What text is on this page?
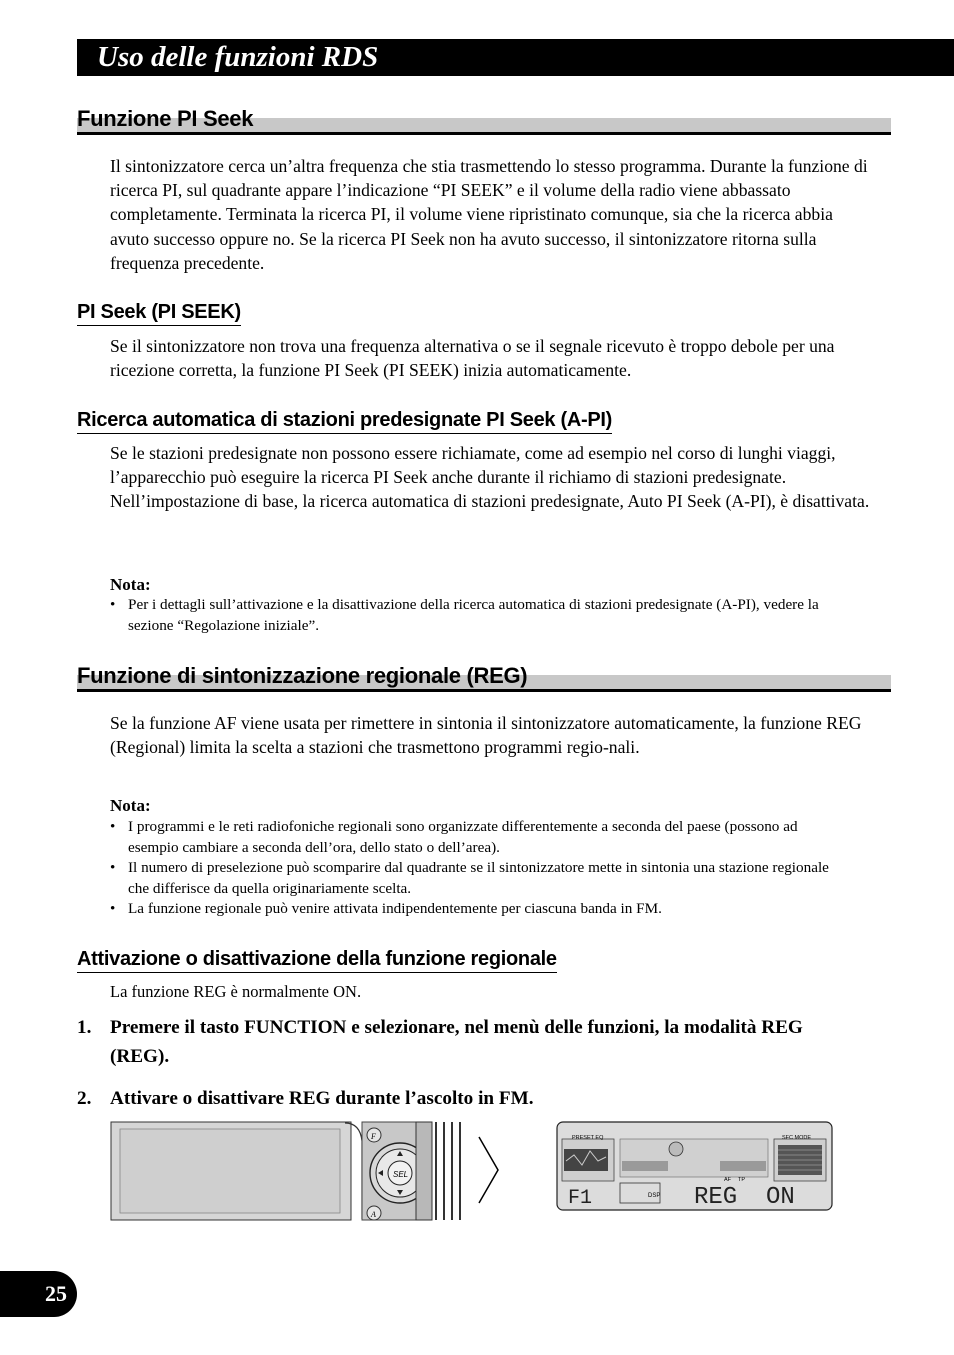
Uso delle funzioni RDS
Funzione PI Seek

Il sintonizzatore cerca un’altra frequenza che stia trasmettendo lo stesso programma. Durante la funzione di ricerca PI, sul quadrante appare l’indicazione “PI SEEK” e il volume della radio viene abbassato completamente. Terminata la ricerca PI, il volume viene ripristinato comunque, sia che la ricerca abbia avuto successo oppure no. Se la ricerca PI Seek non ha avuto successo, il sintonizzatore ritorna sulla frequenza precedente.

PI Seek (PI SEEK)

Se il sintonizzatore non trova una frequenza alternativa o se il segnale ricevuto è troppo debole per una ricezione corretta, la funzione PI Seek (PI SEEK) inizia automaticamente.

Ricerca automatica di stazioni predesignate PI Seek (A-PI)

Se le stazioni predesignate non possono essere richiamate, come ad esempio nel corso di lunghi viaggi, l’apparecchio può eseguire la ricerca PI Seek anche durante il richiamo di stazioni predesignate.

Nell’impostazione di base, la ricerca automatica di stazioni predesignate, Auto PI Seek (A-PI), è disattivata.

Nota:
• Per i dettagli sull’attivazione e la disattivazione della ricerca automatica di stazioni predesignate (A-PI), vedere la sezione “Regolazione iniziale”.
Funzione di sintonizzazione regionale (REG)

Se la funzione AF viene usata per rimettere in sintonia il sintonizzatore automaticamente, la funzione REG (Regional) limita la scelta a stazioni che trasmettono programmi regio-nali.

Nota:
• I programmi e le reti radiofoniche regionali sono organizzate differentemente a seconda del paese (possono ad esempio cambiare a seconda dell’ora, dello stato o dell’area).
• Il numero di preselezione può scomparire dal quadrante se il sintonizzatore mette in sintonia una stazione regionale che differisce da quella originariamente scelta.
• La funzione regionale può venire attivata indipendentemente per ciascuna banda in FM.
Attivazione o disattivazione della funzione regionale
La funzione REG è normalmente ON.
1. Premere il tasto FUNCTION e selezionare, nel menù delle funzioni, la modalità REG (REG).
2. Attivare o disattivare REG durante l’ascolto in FM.
F
SEL
A
PRESET EQ	SFC MODE
AF TP
F1	DSP REG  ON
25
